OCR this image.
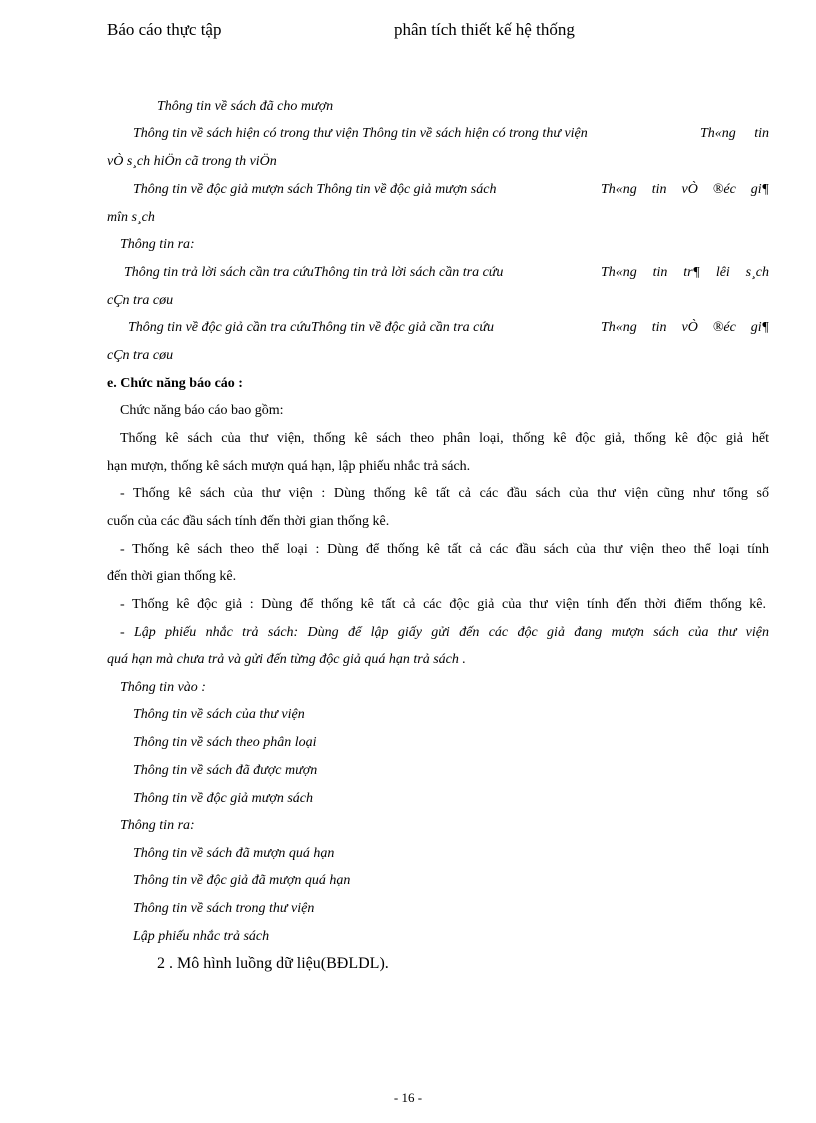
Báo cáo thực tập	phân tích thiết kế hệ thống
Thông tin về sách đã cho mượn
Thông tin về sách hiện có trong thư viện Thông tin về sách hiện có trong thư viện	Th«ng tin
vÒ s¸ch hiÖn cã trong th viÖn
Thông tin về độc giả mượn sách Thông tin về độc giả mượn sách	Th«ng tin vÒ ®éc gi¶
mîn s¸ch
Thông tin ra:
Thông tin trả lời sách cần tra cứuThông tin trả lời sách cần tra cứu	Th«ng tin tr¶ lêi s¸ch
cÇn tra cøu
Thông tin về độc giả cần tra cứuThông tin về độc giả cần tra cứu	Th«ng tin vÒ ®éc gi¶
cÇn tra cøu
e. Chức năng báo cáo :
Chức năng báo cáo bao gồm:
Thống kê sách của thư viện, thống kê sách theo phân loại, thống kê độc giả, thống kê độc giả hết
hạn mượn, thống kê sách mượn quá hạn, lập phiếu nhắc trả sách.
- Thống kê sách của thư viện : Dùng thống kê tất cả các đầu sách của thư viện cũng như tổng số
cuốn của các đầu sách tính đến thời gian thống kê.
- Thống kê sách theo thể loại : Dùng để thống kê tất cả các đầu sách của thư viện theo thể loại tính
đến thời gian thống kê.
- Thống kê độc giả : Dùng để thống kê tất cả các độc giả của thư viện tính đến thời điểm thống kê.
- Lập phiếu nhắc trả sách: Dùng để lập giấy gửi đến các độc giả đang mượn sách của thư viện
quá hạn mà chưa trả và gửi đến từng độc giả quá hạn trả sách .
Thông tin vào :
Thông tin về sách của thư viện
Thông tin về sách theo phân loại
Thông tin về sách đã được mượn
Thông tin về độc giả mượn sách
Thông tin ra:
Thông tin về sách đã mượn quá hạn
Thông tin về độc giả đã mượn quá hạn
Thông tin về sách trong thư viện
Lập phiếu nhắc trả sách
2 . Mô hình luồng dữ liệu(BĐLDL).
- 16 -
